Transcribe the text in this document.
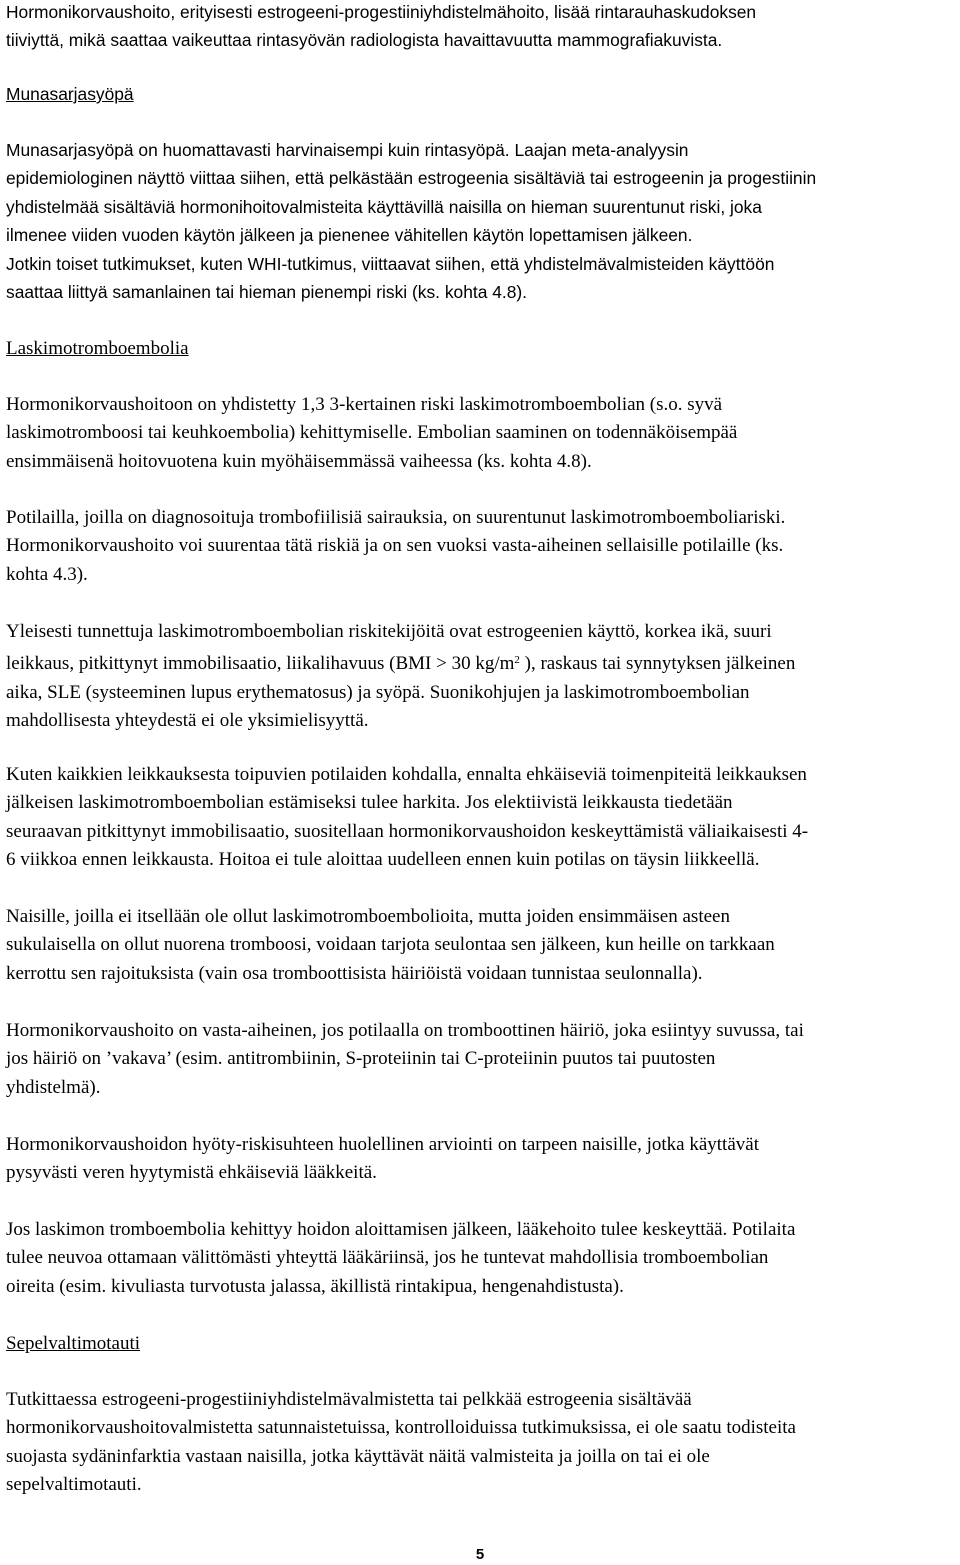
Hormonikorvaushoito, erityisesti estrogeeni-progestiiniyhdistelmähoito, lisää rintarauhaskudoksen
tiiviyttä, mikä saattaa vaikeuttaa rintasyövän radiologista havaittavuutta mammografiakuvista.
Munasarjasyöpä
Munasarjasyöpä on huomattavasti harvinaisempi kuin rintasyöpä. Laajan meta-analyysin
epidemiologinen näyttö viittaa siihen, että pelkästään estrogeenia sisältäviä tai estrogeenin ja progestiinin
yhdistelmää sisältäviä hormonihoitovalmisteita käyttävillä naisilla on hieman suurentunut riski, joka
ilmenee viiden vuoden käytön jälkeen ja pienenee vähitellen käytön lopettamisen jälkeen.
Jotkin toiset tutkimukset, kuten WHI-tutkimus, viittaavat siihen, että yhdistelmävalmisteiden käyttöön
saattaa liittyä samanlainen tai hieman pienempi riski (ks. kohta 4.8).
Laskimotromboembolia
Hormonikorvaushoitoon on yhdistetty 1,3 3-kertainen riski laskimotromboembolian (s.o. syvä
laskimotromboosi tai keuhkoembolia) kehittymiselle. Embolian saaminen on todennäköisempää
ensimmäisenä hoitovuotena kuin myöhäisemmässä vaiheessa (ks. kohta 4.8).
Potilailla, joilla on diagnosoituja trombofiilisiä sairauksia, on suurentunut laskimotromboemboliariski.
Hormonikorvaushoito voi suurentaa tätä riskiä ja on sen vuoksi vasta-aiheinen sellaisille potilaille (ks.
kohta 4.3).
Yleisesti tunnettuja laskimotromboembolian riskitekijöitä ovat estrogeenien käyttö, korkea ikä, suuri
leikkaus, pitkittynyt immobilisaatio, liikalihavuus (BMI > 30 $kg/m^2$ ), raskaus tai synnytyksen jälkeinen
aika, SLE (systeeminen lupus erythematosus) ja syöpä. Suonikohjujen ja laskimotromboembolian
mahdollisesta yhteydestä ei ole yksimielisyyttä.
Kuten kaikkien leikkauksesta toipuvien potilaiden kohdalla, ennalta ehkäiseviä toimenpiteitä leikkauksen
jälkeisen laskimotromboembolian estämiseksi tulee harkita. Jos elektiivistä leikkausta tiedetään
seuraavan pitkittynyt immobilisaatio, suositellaan hormonikorvaushoidon keskeyttämistä väliaikaisesti 4-
6 viikkoa ennen leikkausta. Hoitoa ei tule aloittaa uudelleen ennen kuin potilas on täysin liikkeellä.
Naisille, joilla ei itsellään ole ollut laskimotromboembolioita, mutta joiden ensimmäisen asteen
sukulaisella on ollut nuorena tromboosi, voidaan tarjota seulontaa sen jälkeen, kun heille on tarkkaan
kerrottu sen rajoituksista (vain osa tromboottisista häiriöistä voidaan tunnistaa seulonnalla).
Hormonikorvaushoito on vasta-aiheinen, jos potilaalla on tromboottinen häiriö, joka esiintyy suvussa, tai
jos häiriö on ’vakava’ (esim. antitrombiinin, S-proteiinin tai C-proteiinin puutos tai puutosten
yhdistelmä).
Hormonikorvaushoidon hyöty-riskisuhteen huolellinen arviointi on tarpeen naisille, jotka käyttävät
pysyvästi veren hyytymistä ehkäiseviä lääkkeitä.
Jos laskimon tromboembolia kehittyy hoidon aloittamisen jälkeen, lääkehoito tulee keskeyttää. Potilaita
tulee neuvoa ottamaan välittömästi yhteyttä lääkäriinsä, jos he tuntevat mahdollisia tromboembolian
oireita (esim. kivuliasta turvotusta jalassa, äkillistä rintakipua, hengenahdistusta).
Sepelvaltimotauti
Tutkittaessa estrogeeni-progestiiniyhdistelmävalmistetta tai pelkkää estrogeenia sisältävää
hormonikorvaushoitovalmistetta satunnaistetuissa, kontrolloiduissa tutkimuksissa, ei ole saatu todisteita
suojasta sydäninfarktia vastaan naisilla, jotka käyttävät näitä valmisteita ja joilla on tai ei ole
sepelvaltimotauti.
5
